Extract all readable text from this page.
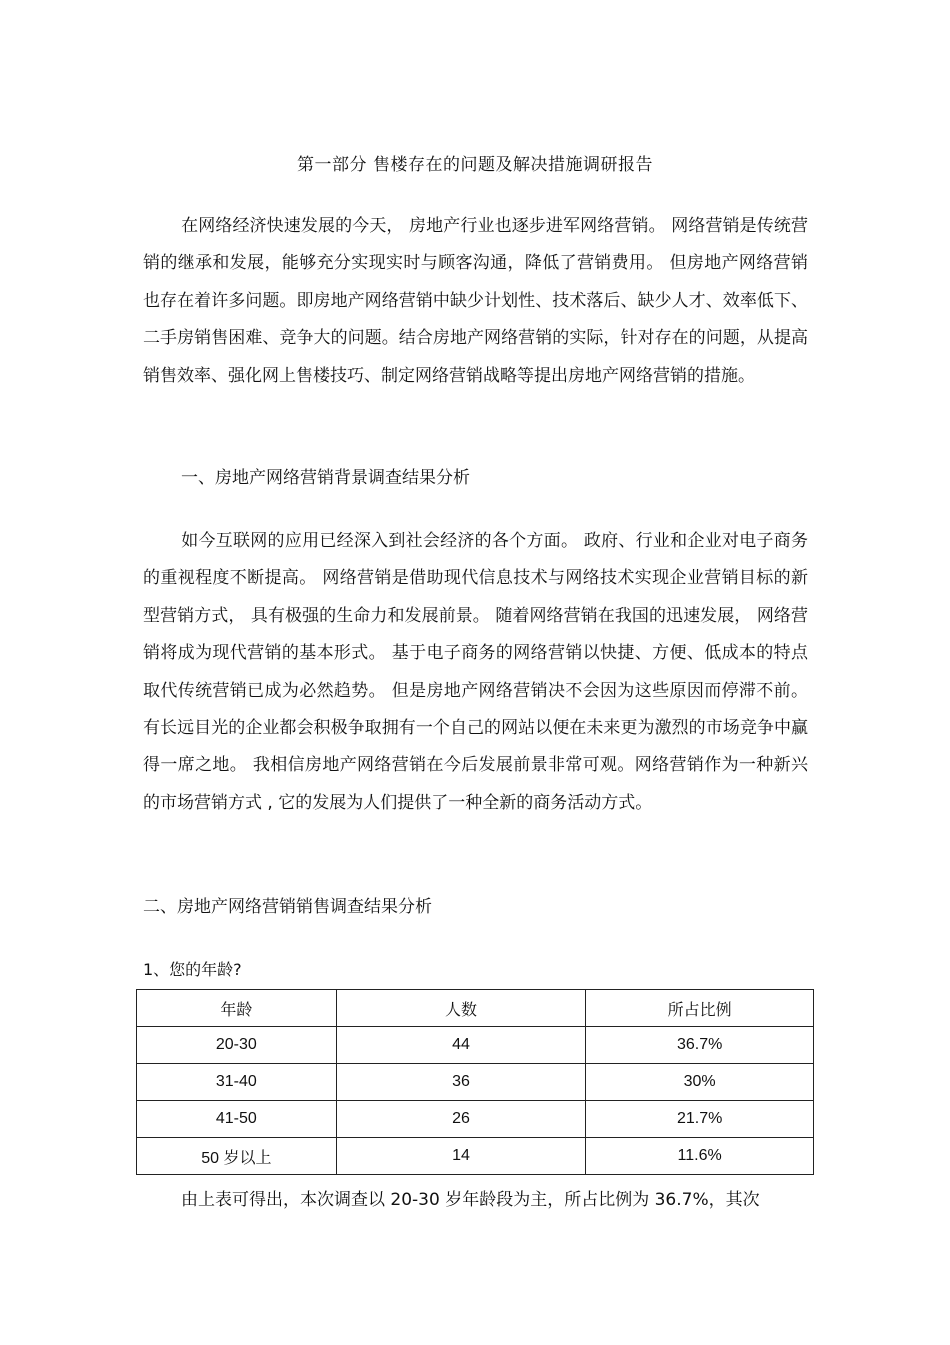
第一部分 售楼存在的问题及解决措施调研报告
在网络经济快速发展的今天， 房地产行业也逐步进军网络营销。 网络营销是传统营销的继承和发展，能够充分实现实时与顾客沟通，降低了营销费用。 但房地产网络营销也存在着许多问题。即房地产网络营销中缺少计划性、技术落后、缺少人才、效率低下、二手房销售困难、竞争大的问题。结合房地产网络营销的实际，针对存在的问题，从提高销售效率、强化网上售楼技巧、制定网络营销战略等提出房地产网络营销的措施。
一、房地产网络营销背景调查结果分析
如今互联网的应用已经深入到社会经济的各个方面。 政府、行业和企业对电子商务的重视程度不断提高。 网络营销是借助现代信息技术与网络技术实现企业营销目标的新型营销方式， 具有极强的生命力和发展前景。 随着网络营销在我国的迅速发展， 网络营销将成为现代营销的基本形式。 基于电子商务的网络营销以快捷、方便、低成本的特点取代传统营销已成为必然趋势。 但是房地产网络营销决不会因为这些原因而停滞不前。 有长远目光的企业都会积极争取拥有一个自己的网站以便在未来更为激烈的市场竞争中赢得一席之地。 我相信房地产网络营销在今后发展前景非常可观。网络营销作为一种新兴的市场营销方式 , 它的发展为人们提供了一种全新的商务活动方式。
二、房地产网络营销销售调查结果分析
1、您的年龄?
年龄	人数	所占比例
20-30	44	36.7%
31-40	36	30%
41-50	26	21.7%
50 岁以上	14	11.6%
由上表可得出，本次调查以 20-30 岁年龄段为主，所占比例为 36.7%，其次
